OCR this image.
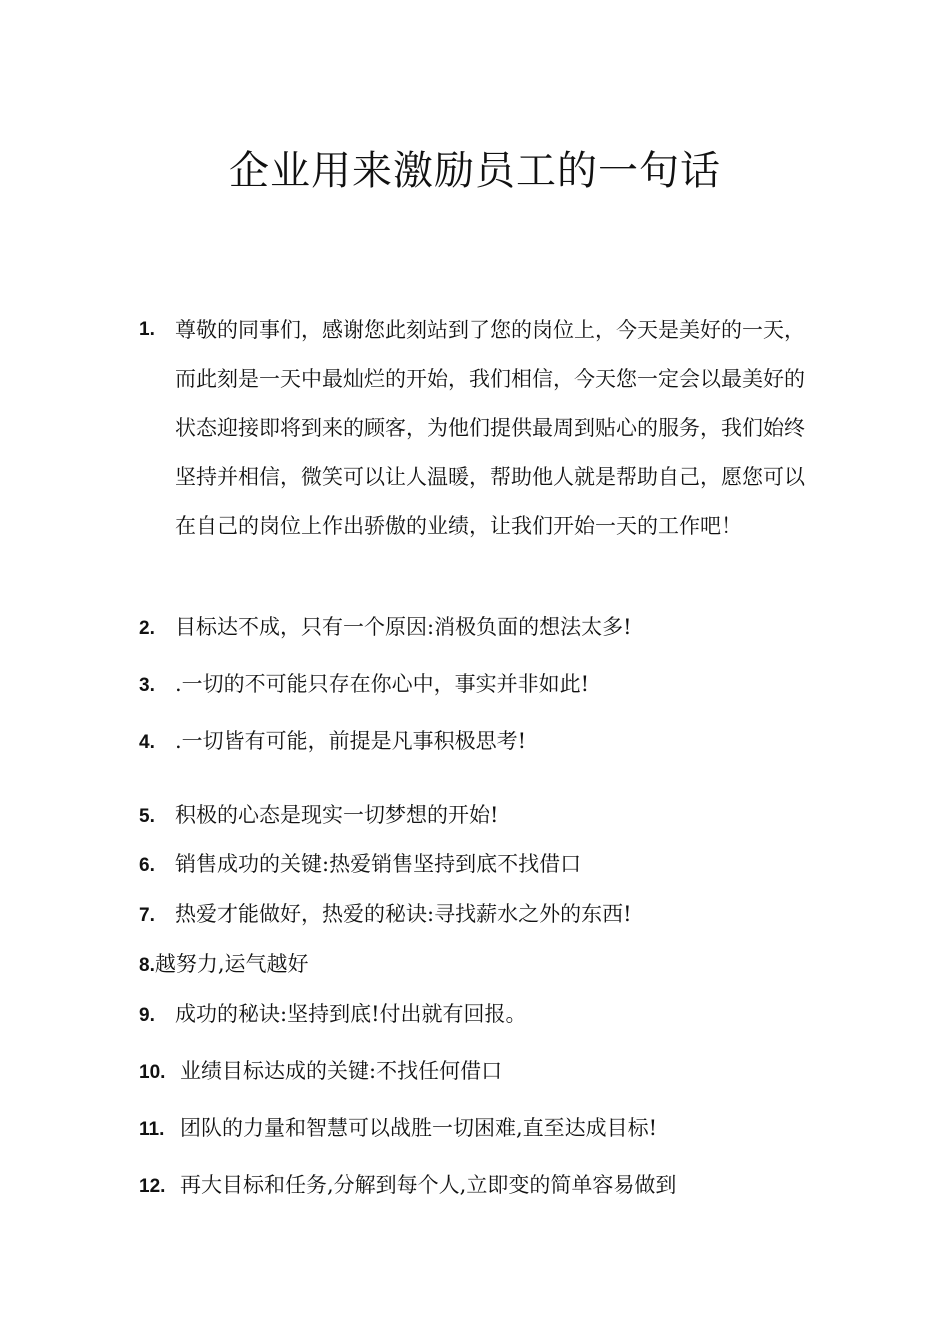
企业用来激励员工的一句话
1. 尊敬的同事们，感谢您此刻站到了您的岗位上，今天是美好的一天，而此刻是一天中最灿烂的开始，我们相信，今天您一定会以最美好的状态迎接即将到来的顾客，为他们提供最周到贴心的服务，我们始终坚持并相信，微笑可以让人温暖，帮助他人就是帮助自己，愿您可以在自己的岗位上作出骄傲的业绩，让我们开始一天的工作吧！
2. 目标达不成，只有一个原因:消极负面的想法太多!
3. .一切的不可能只存在你心中，事实并非如此!
4. .一切皆有可能，前提是凡事积极思考!
5. 积极的心态是现实一切梦想的开始!
6. 销售成功的关键:热爱销售坚持到底不找借口
7. 热爱才能做好，热爱的秘诀:寻找薪水之外的东西!
8.越努力,运气越好
9. 成功的秘诀:坚持到底!付出就有回报。
10. 业绩目标达成的关键:不找任何借口
11. 团队的力量和智慧可以战胜一切困难,直至达成目标!
12. 再大目标和任务,分解到每个人,立即变的简单容易做到
